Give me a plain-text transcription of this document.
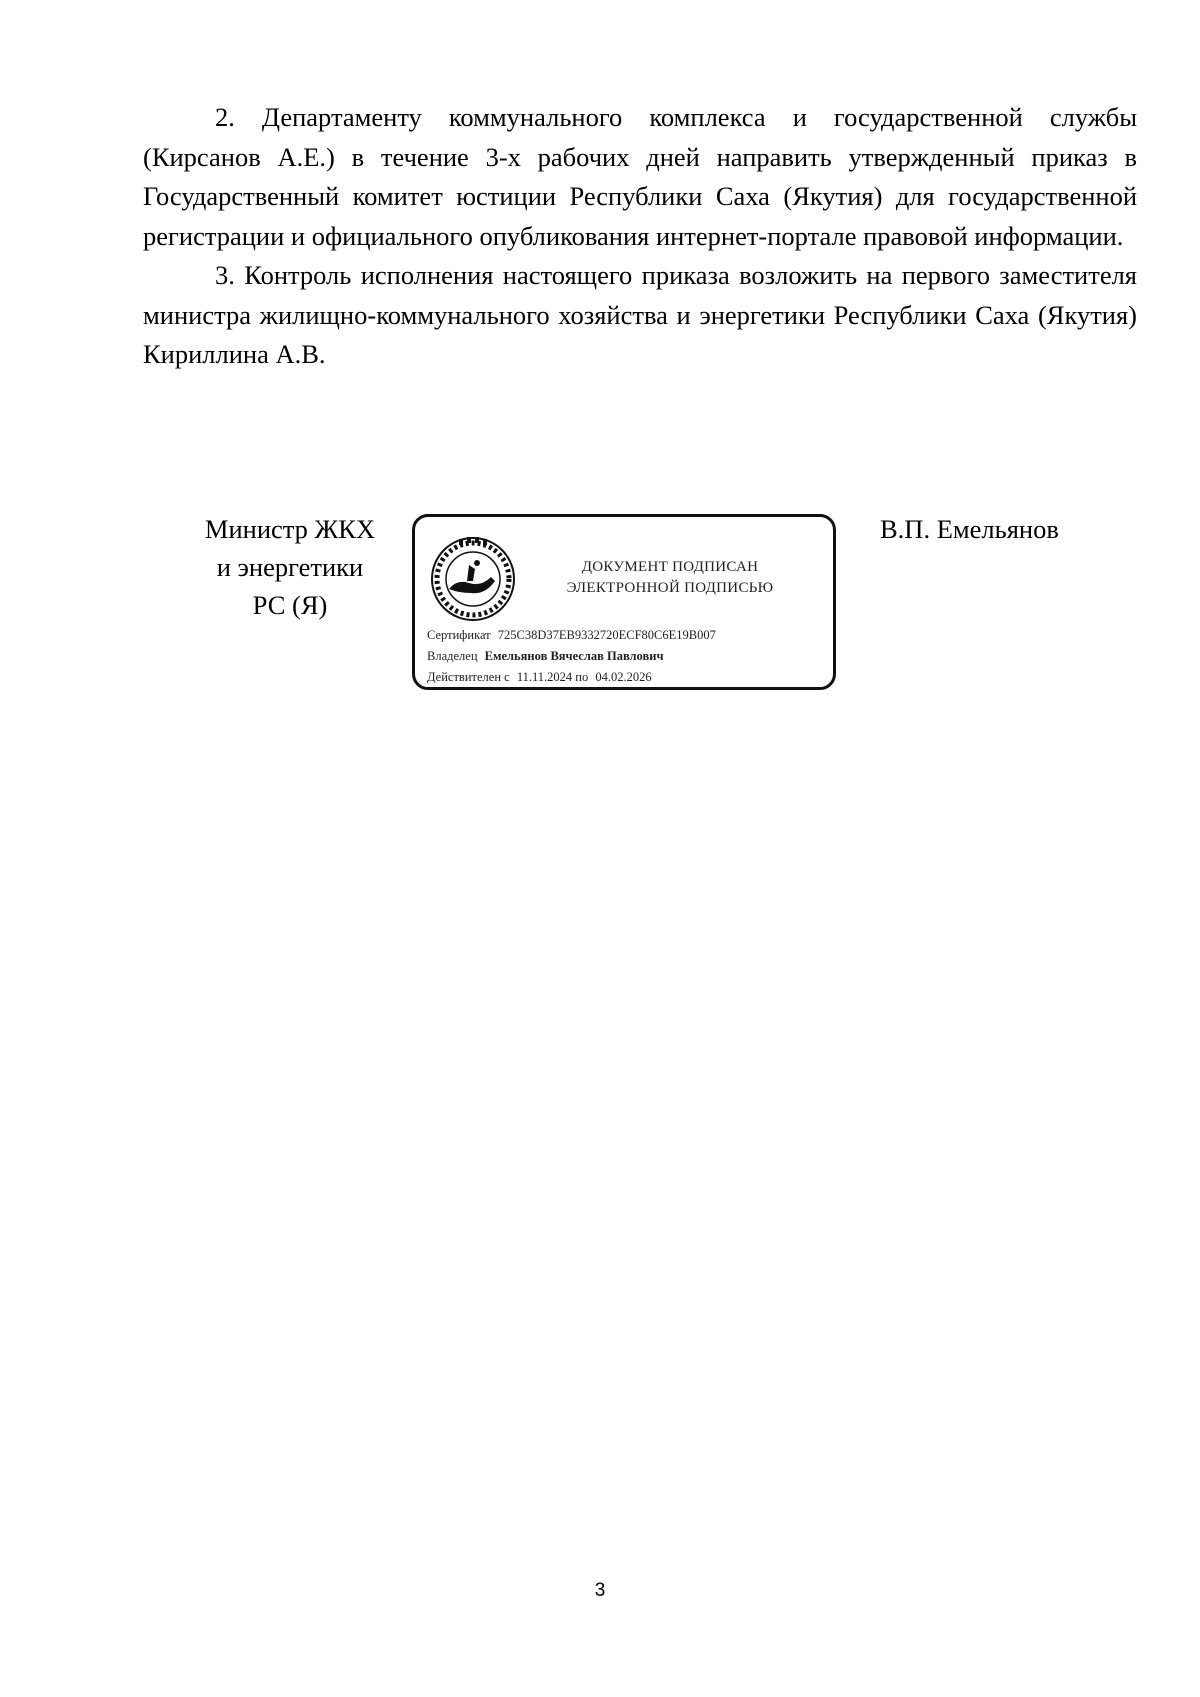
2. Департаменту коммунального комплекса и государственной службы (Кирсанов А.Е.) в течение 3-х рабочих дней направить утвержденный приказ в Государственный комитет юстиции Республики Саха (Якутия) для государственной регистрации и официального опубликования интернет-портале правовой информации.

3. Контроль исполнения настоящего приказа возложить на первого заместителя министра жилищно-коммунального хозяйства и энергетики Республики Саха (Якутия) Кириллина А.В.

Министр ЖКХ
и энергетики
РС (Я)
ДОКУМЕНТ ПОДПИСАН
ЭЛЕКТРОННОЙ ПОДПИСЬЮ
Сертификат 725C38D37EB9332720ECF80C6E19B007
Владелец Емельянов Вячеслав Павлович
Действителен с 11.11.2024 по 04.02.2026
В.П. Емельянов
3
